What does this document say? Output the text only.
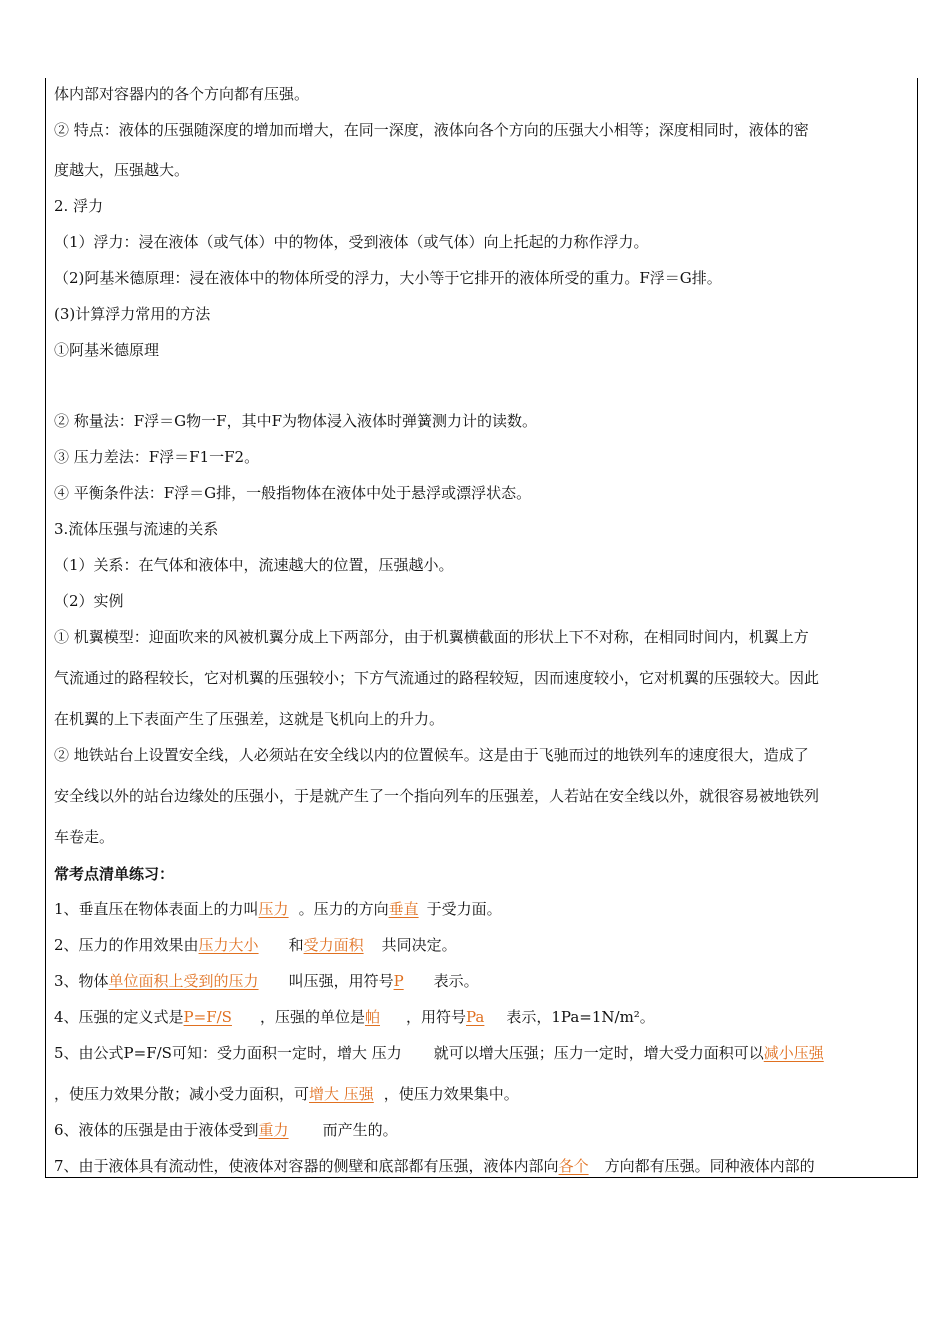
体内部对容器内的各个方向都有压强。
② 特点：液体的压强随深度的增加而增大，在同一深度，液体向各个方向的压强大小相等；深度相同时，液体的密
度越大，压强越大。
2. 浮力
（1）浮力：浸在液体（或气体）中的物体，受到液体（或气体）向上托起的力称作浮力。
（2)阿基米德原理：浸在液体中的物体所受的浮力，大小等于它排开的液体所受的重力。F浮＝G排。
(3)计算浮力常用的方法
①阿基米德原理
② 称量法：F浮＝G物一F，其中F为物体浸入液体时弹簧测力计的读数。
③ 压力差法：F浮＝F1一F2。
④ 平衡条件法：F浮＝G排，一般指物体在液体中处于悬浮或漂浮状态。
3.流体压强与流速的关系
（1）关系：在气体和液体中，流速越大的位置，压强越小。
（2）实例
① 机翼模型：迎面吹来的风被机翼分成上下两部分，由于机翼横截面的形状上下不对称，在相同时间内，机翼上方
气流通过的路程较长，它对机翼的压强较小；下方气流通过的路程较短，因而速度较小，它对机翼的压强较大。因此
在机翼的上下表面产生了压强差，这就是飞机向上的升力。
② 地铁站台上设置安全线，人必须站在安全线以内的位置候车。这是由于飞驰而过的地铁列车的速度很大，造成了
安全线以外的站台边缘处的压强小，于是就产生了一个指向列车的压强差，人若站在安全线以外，就很容易被地铁列
车卷走。
常考点清单练习：
1、垂直压在物体表面上的力叫压力 。压力的方向垂直 于受力面。
2、压力的作用效果由压力大小 和受力面积 共同决定。
3、物体单位面积上受到的压力 叫压强，用符号P 表示。
4、压强的定义式是P=F/S ，压强的单位是帕 ，用符号Pa 表示，1Pa=1N/m²。
5、由公式P=F/S可知：受力面积一定时，增大 压力 就可以增大压强；压力一定时，增大受力面积可以减小压强
，使压力效果分散；减小受力面积，可增大 压强 ，使压力效果集中。
6、液体的压强是由于液体受到重力 而产生的。
7、由于液体具有流动性，使液体对容器的侧壁和底部都有压强，液体内部向各个 方向都有压强。同种液体内部的
